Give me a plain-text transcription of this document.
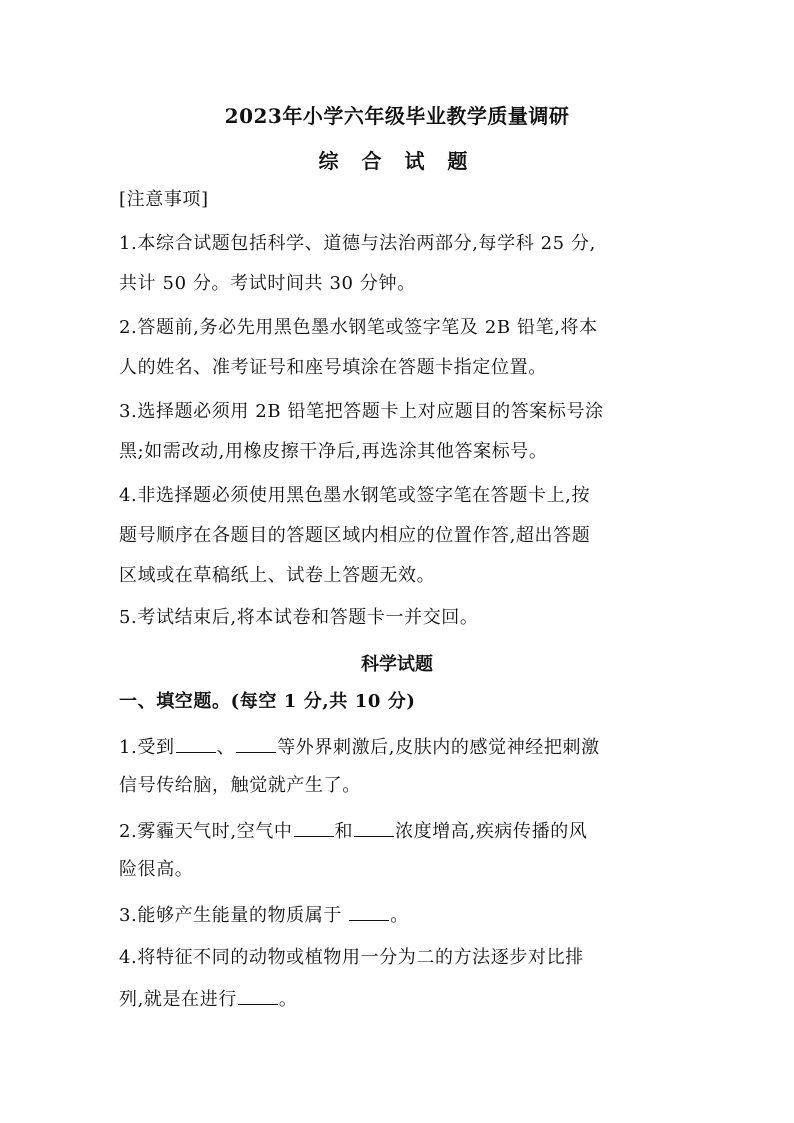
2023年小学六年级毕业教学质量调研
综 合 试 题
[注意事项]
1.本综合试题包括科学、道德与法治两部分,每学科 25 分,
共计 50 分。考试时间共 30 分钟。
2.答题前,务必先用黑色墨水钢笔或签字笔及 2B 铅笔,将本
人的姓名、准考证号和座号填涂在答题卡指定位置。
3.选择题必须用 2B 铅笔把答题卡上对应题目的答案标号涂
黑;如需改动,用橡皮擦干净后,再选涂其他答案标号。
4.非选择题必须使用黑色墨水钢笔或签字笔在答题卡上,按
题号顺序在各题目的答题区域内相应的位置作答,超出答题
区域或在草稿纸上、试卷上答题无效。
5.考试结束后,将本试卷和答题卡一并交回。
科学试题
一、填空题。(每空 1 分,共 10 分)
1.受到 、 等外界刺激后,皮肤内的感觉神经把刺激
信号传给脑，触觉就产生了。
2.雾霾天气时,空气中 和 浓度增高,疾病传播的风
险很高。
3.能够产生能量的物质属于 。
4.将特征不同的动物或植物用一分为二的方法逐步对比排
列,就是在进行 。
